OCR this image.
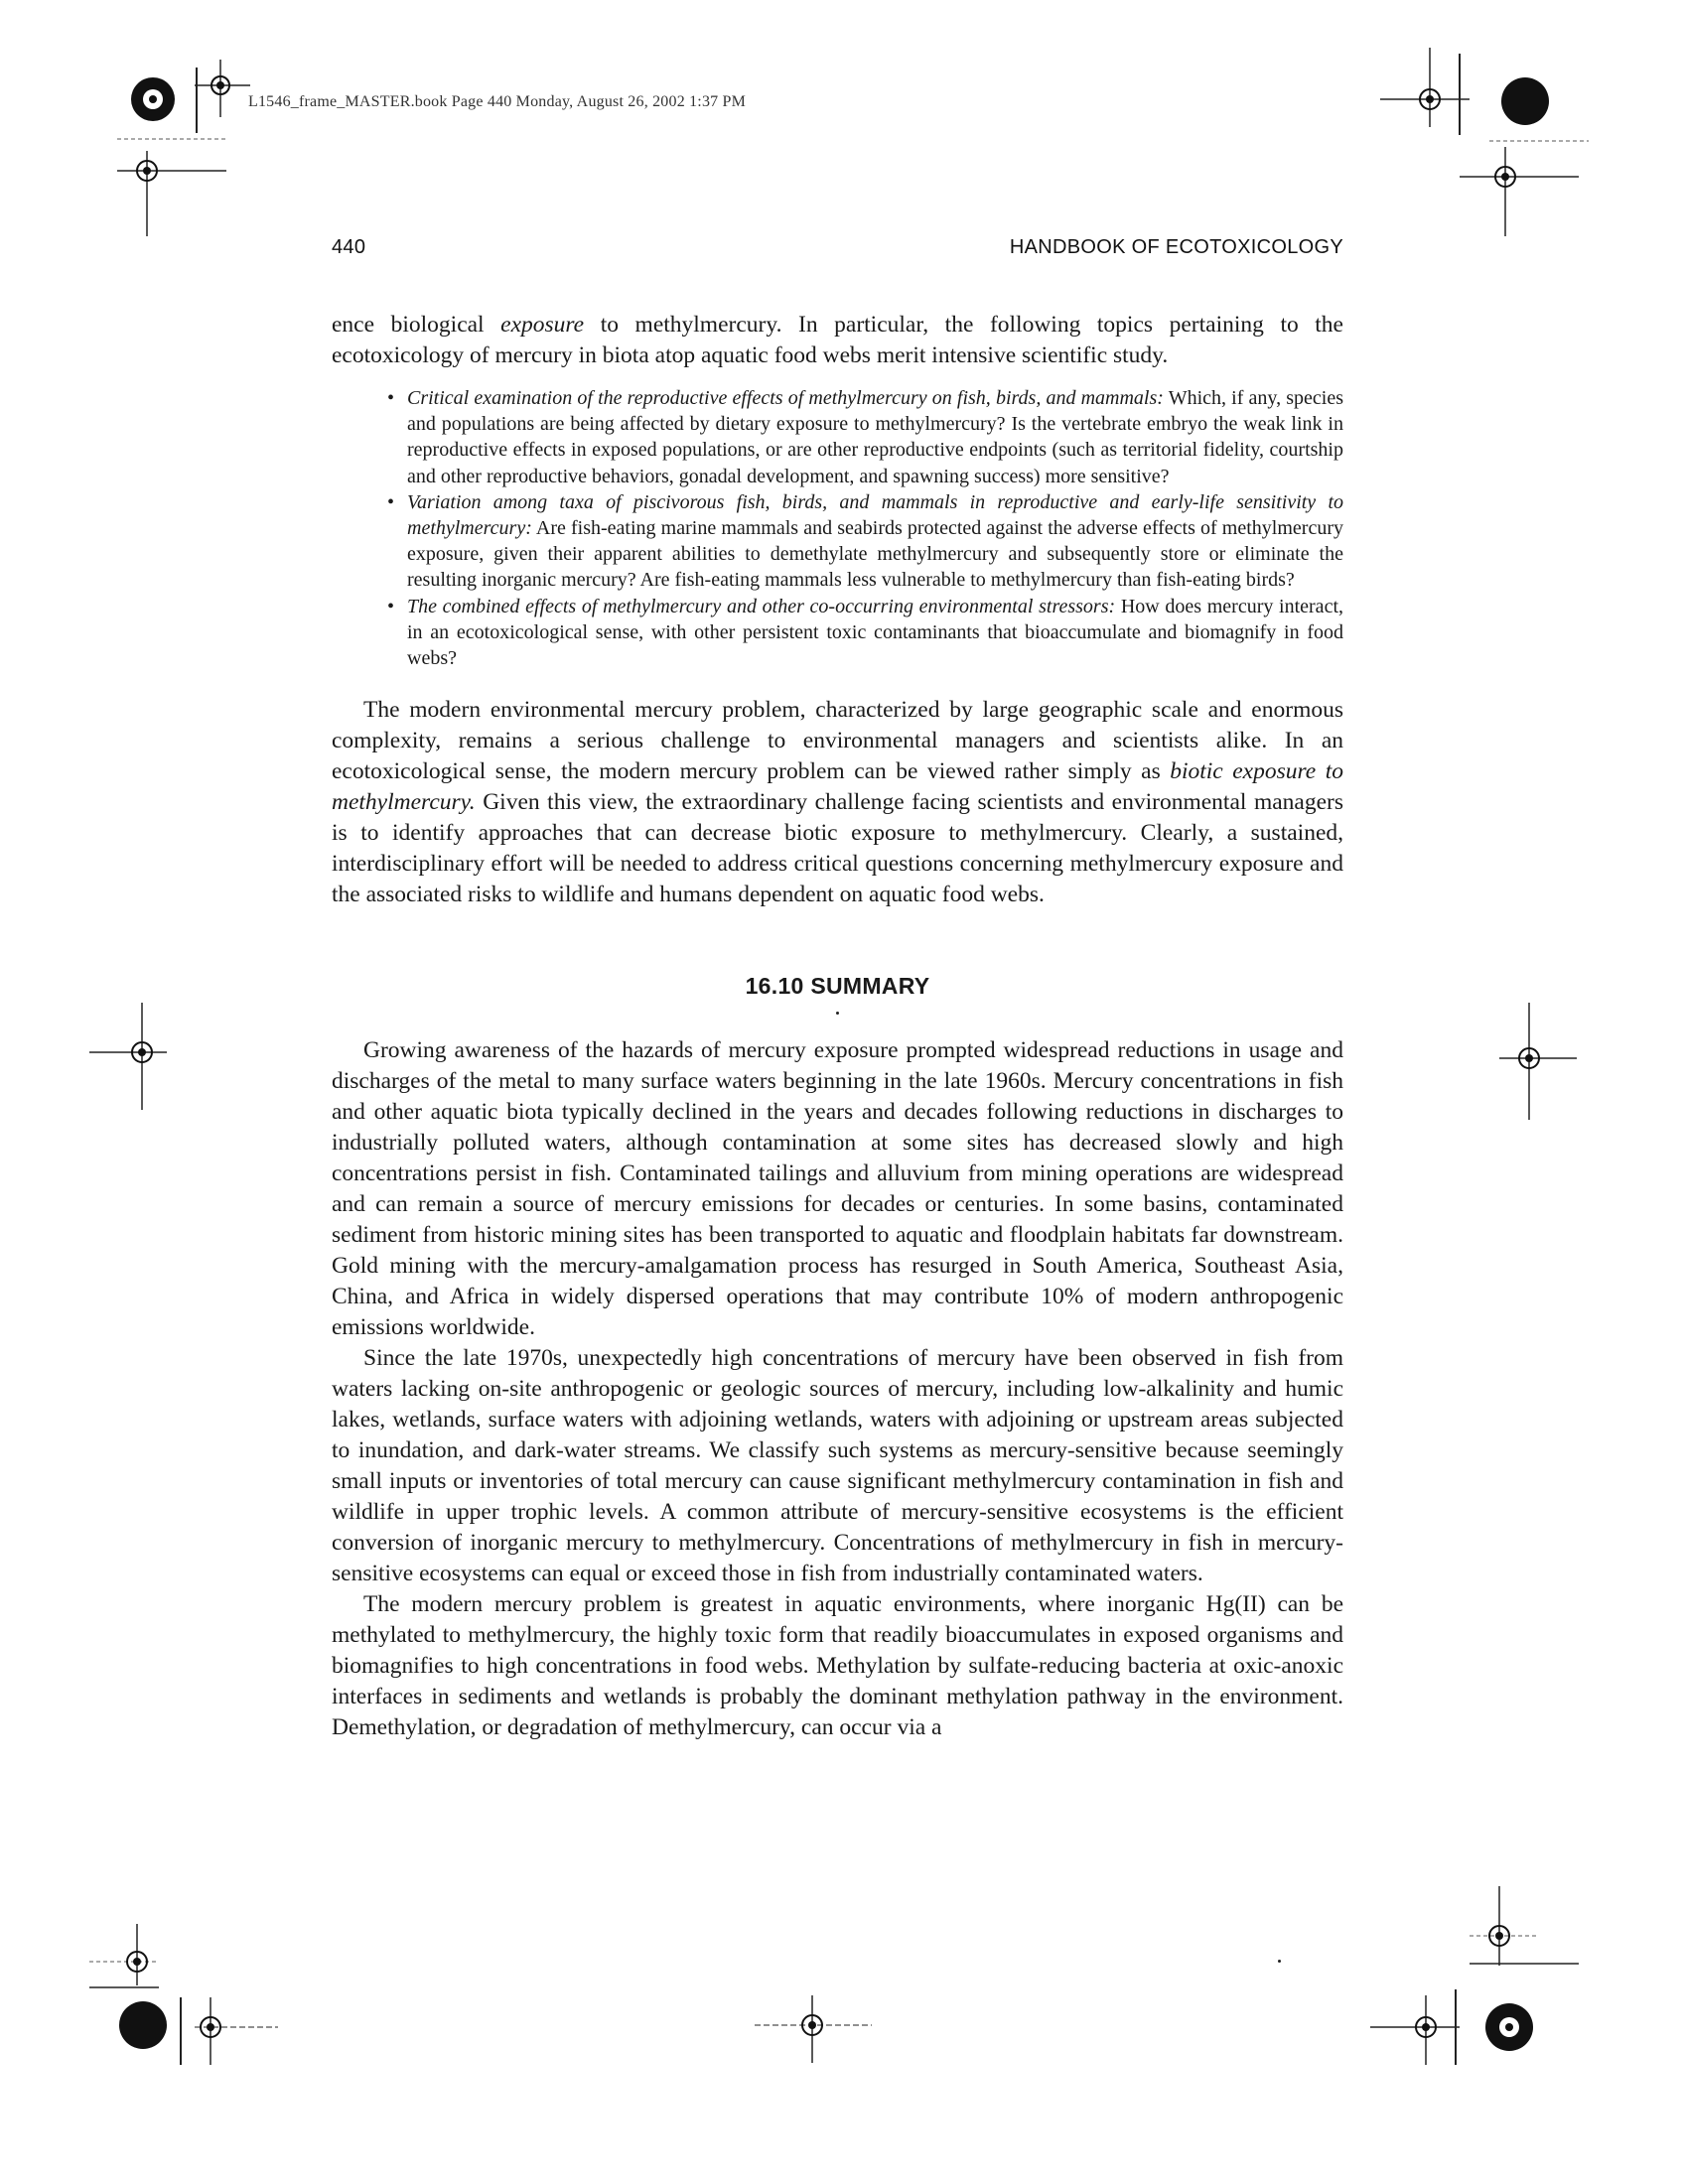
L1546_frame_MASTER.book Page 440 Monday, August 26, 2002 1:37 PM
440	HANDBOOK OF ECOTOXICOLOGY

ence biological exposure to methylmercury. In particular, the following topics pertaining to the ecotoxicology of mercury in biota atop aquatic food webs merit intensive scientific study.

• Critical examination of the reproductive effects of methylmercury on fish, birds, and mammals: Which, if any, species and populations are being affected by dietary exposure to methylmercury? Is the vertebrate embryo the weak link in reproductive effects in exposed populations, or are other reproductive endpoints (such as territorial fidelity, courtship and other reproductive behaviors, gonadal development, and spawning success) more sensitive?
• Variation among taxa of piscivorous fish, birds, and mammals in reproductive and early-life sensitivity to methylmercury: Are fish-eating marine mammals and seabirds protected against the adverse effects of methylmercury exposure, given their apparent abilities to demethylate methylmercury and subsequently store or eliminate the resulting inorganic mercury? Are fish-eating mammals less vulnerable to methylmercury than fish-eating birds?
• The combined effects of methylmercury and other co-occurring environmental stressors: How does mercury interact, in an ecotoxicological sense, with other persistent toxic contaminants that bioaccumulate and biomagnify in food webs?

The modern environmental mercury problem, characterized by large geographic scale and enormous complexity, remains a serious challenge to environmental managers and scientists alike. In an ecotoxicological sense, the modern mercury problem can be viewed rather simply as biotic exposure to methylmercury. Given this view, the extraordinary challenge facing scientists and environmental managers is to identify approaches that can decrease biotic exposure to methylmercury. Clearly, a sustained, interdisciplinary effort will be needed to address critical questions concerning methylmercury exposure and the associated risks to wildlife and humans dependent on aquatic food webs.

16.10 SUMMARY

Growing awareness of the hazards of mercury exposure prompted widespread reductions in usage and discharges of the metal to many surface waters beginning in the late 1960s. Mercury concentrations in fish and other aquatic biota typically declined in the years and decades following reductions in discharges to industrially polluted waters, although contamination at some sites has decreased slowly and high concentrations persist in fish. Contaminated tailings and alluvium from mining operations are widespread and can remain a source of mercury emissions for decades or centuries. In some basins, contaminated sediment from historic mining sites has been transported to aquatic and floodplain habitats far downstream. Gold mining with the mercury-amalgamation process has resurged in South America, Southeast Asia, China, and Africa in widely dispersed operations that may contribute 10% of modern anthropogenic emissions worldwide.

Since the late 1970s, unexpectedly high concentrations of mercury have been observed in fish from waters lacking on-site anthropogenic or geologic sources of mercury, including low-alkalinity and humic lakes, wetlands, surface waters with adjoining wetlands, waters with adjoining or upstream areas subjected to inundation, and dark-water streams. We classify such systems as mercury-sensitive because seemingly small inputs or inventories of total mercury can cause significant methylmercury contamination in fish and wildlife in upper trophic levels. A common attribute of mercury-sensitive ecosystems is the efficient conversion of inorganic mercury to methylmercury. Concentrations of methylmercury in fish in mercury-sensitive ecosystems can equal or exceed those in fish from industrially contaminated waters.

The modern mercury problem is greatest in aquatic environments, where inorganic Hg(II) can be methylated to methylmercury, the highly toxic form that readily bioaccumulates in exposed organisms and biomagnifies to high concentrations in food webs. Methylation by sulfate-reducing bacteria at oxic-anoxic interfaces in sediments and wetlands is probably the dominant methylation pathway in the environment. Demethylation, or degradation of methylmercury, can occur via a
